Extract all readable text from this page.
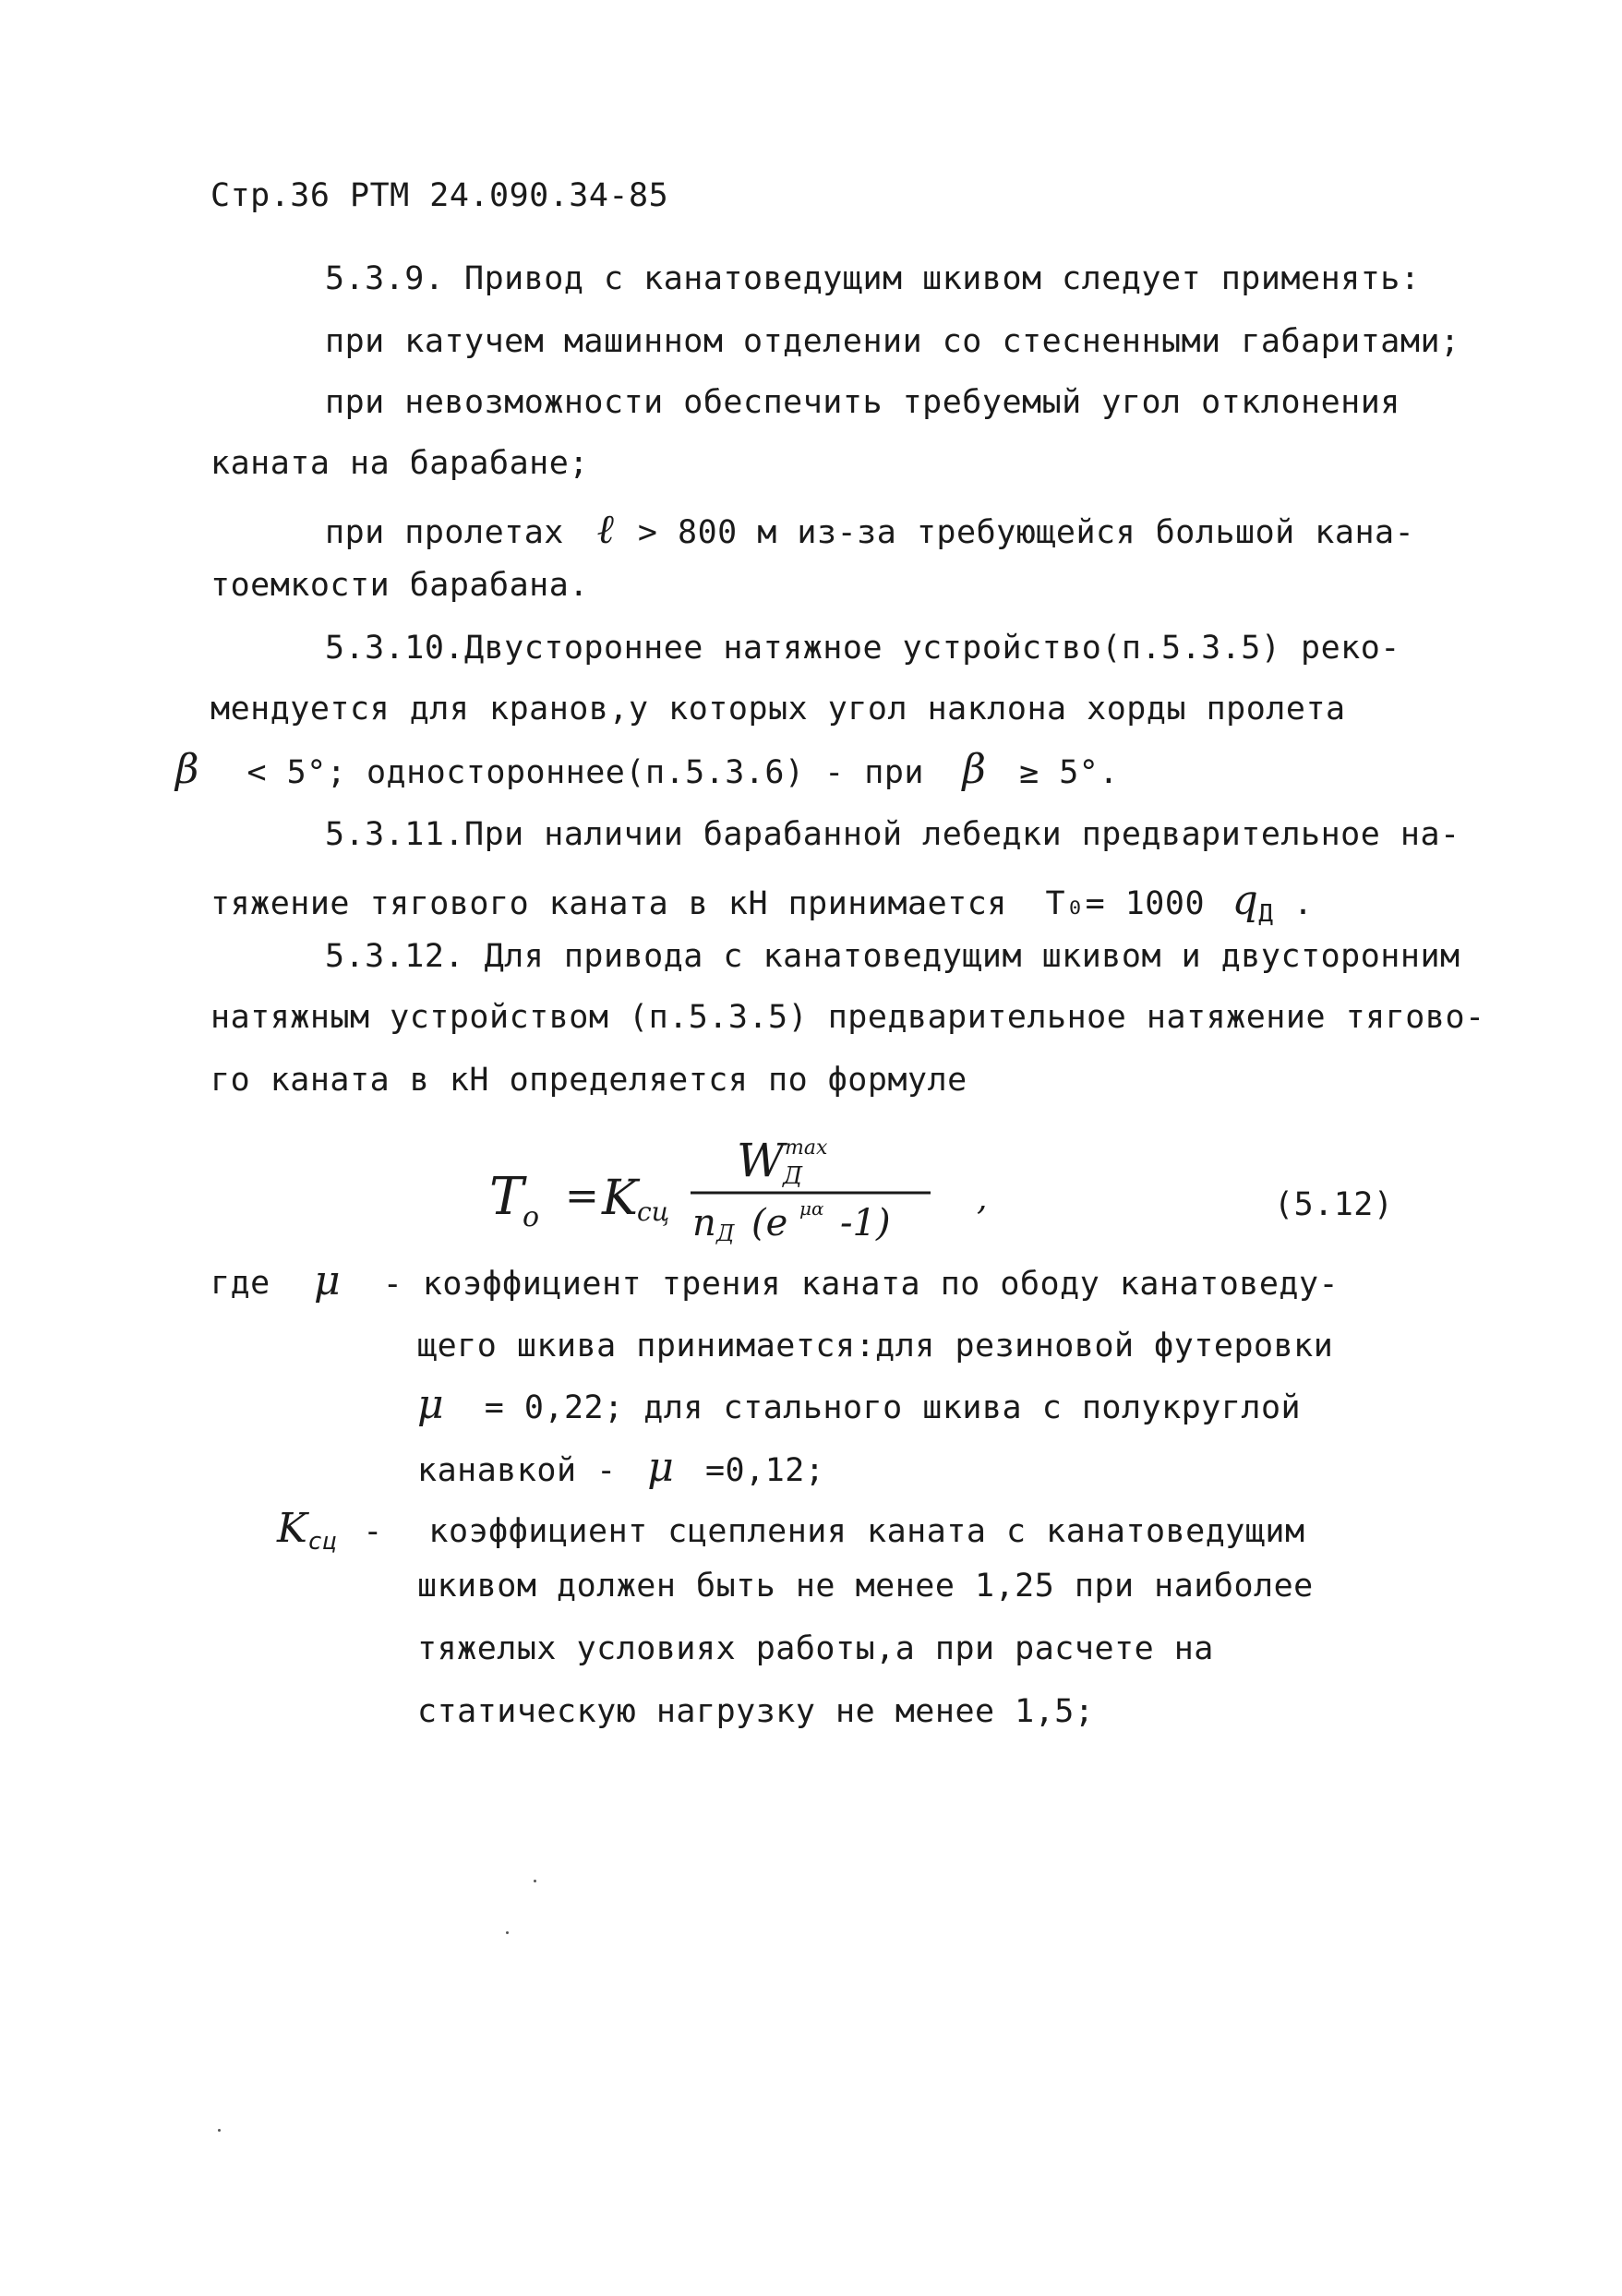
Стр.36 РТМ 24.090.34-85
5.3.9. Привод с канатоведущим шкивом следует применять:
при катучем машинном отделении со стесненными габаритами;
при невозможности обеспечить требуемый угол отклонения
каната на барабане;
при пролетах ℓ > 800 м из-за требующейся большой кана-
тоемкости барабана.
5.3.10.Двустороннее натяжное устройство(п.5.3.5) реко-
мендуется для кранов,у которых угол наклона хорды пролета
β < 5°; одностороннее(п.5.3.6) - при β ≥ 5°.
5.3.11.При наличии барабанной лебедки предварительное на-
тяжение тягового каната в кН принимается T₀= 1000 $q_Д$ .
5.3.12. Для привода с канатоведущим шкивом и двусторонним
натяжным устройством (п.5.3.5) предварительное натяжение тягово-
го каната в кН определяется по формуле
T
o = K сц
W max
Д
n Д (e μα -1)
,	(5.12)
где μ - коэффициент трения каната по ободу канатоведу-
щего шкива принимается:для резиновой футеровки
μ = 0,22; для стального шкива с полукруглой
канавкой - μ =0,12;
$K_{сц}$ - коэффициент сцепления каната с канатоведущим
шкивом должен быть не менее 1,25 при наиболее
тяжелых условиях работы,а при расчете на
статическую нагрузку не менее 1,5;
